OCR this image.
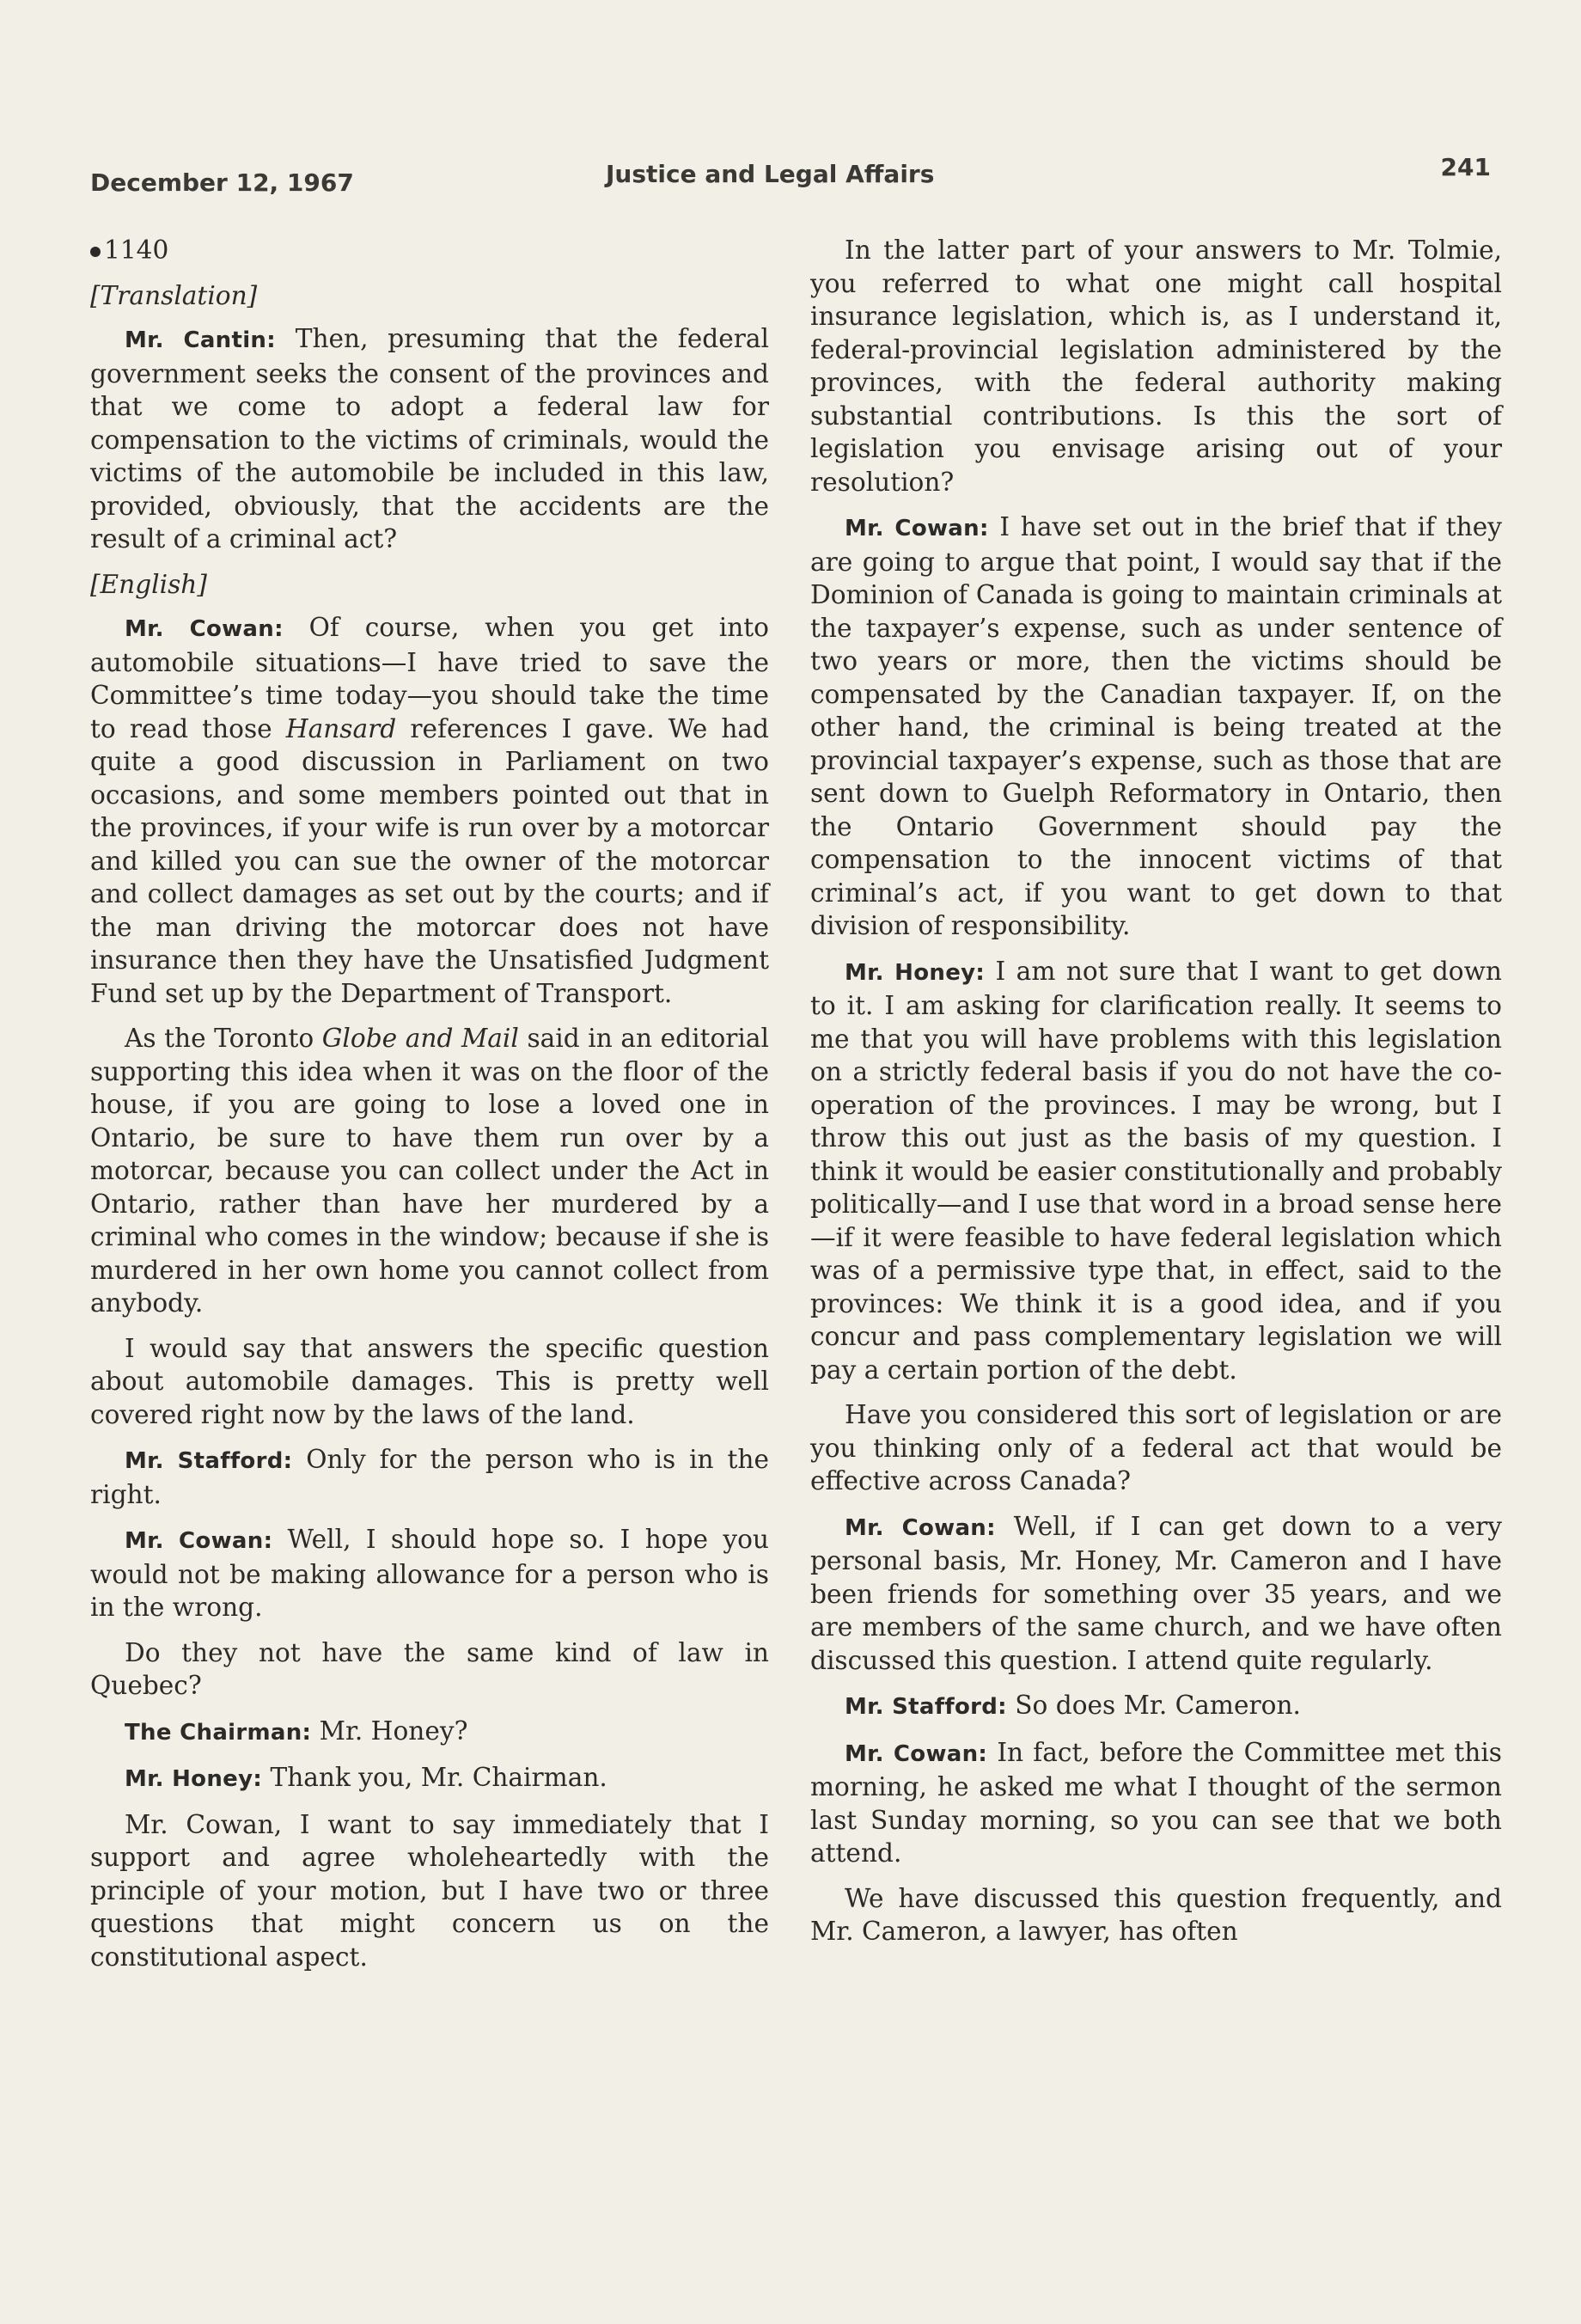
December 12, 1967	Justice and Legal Affairs	241
1140
[Translation]

Mr. Cantin: Then, presuming that the federal government seeks the consent of the provinces and that we come to adopt a federal law for compensation to the victims of criminals, would the victims of the automobile be included in this law, provided, obviously, that the accidents are the result of a criminal act?

[English]

Mr. Cowan: Of course, when you get into automobile situations—I have tried to save the Committee’s time today—you should take the time to read those Hansard references I gave. We had quite a good discussion in Parliament on two occasions, and some members pointed out that in the provinces, if your wife is run over by a motorcar and killed you can sue the owner of the motorcar and collect damages as set out by the courts; and if the man driving the motorcar does not have insurance then they have the Unsatisfied Judgment Fund set up by the Department of Transport.

As the Toronto Globe and Mail said in an editorial supporting this idea when it was on the floor of the house, if you are going to lose a loved one in Ontario, be sure to have them run over by a motorcar, because you can collect under the Act in Ontario, rather than have her murdered by a criminal who comes in the window; because if she is murdered in her own home you cannot collect from anybody.

I would say that answers the specific question about automobile damages. This is pretty well covered right now by the laws of the land.

Mr. Stafford: Only for the person who is in the right.

Mr. Cowan: Well, I should hope so. I hope you would not be making allowance for a person who is in the wrong.

Do they not have the same kind of law in Quebec?

The Chairman: Mr. Honey?

Mr. Honey: Thank you, Mr. Chairman.

Mr. Cowan, I want to say immediately that I support and agree wholeheartedly with the principle of your motion, but I have two or three questions that might concern us on the constitutional aspect.

In the latter part of your answers to Mr. Tolmie, you referred to what one might call hospital insurance legislation, which is, as I understand it, federal-provincial legislation administered by the provinces, with the federal authority making substantial contributions. Is this the sort of legislation you envisage arising out of your resolution?

Mr. Cowan: I have set out in the brief that if they are going to argue that point, I would say that if the Dominion of Canada is going to maintain criminals at the taxpayer’s expense, such as under sentence of two years or more, then the victims should be compensated by the Canadian taxpayer. If, on the other hand, the criminal is being treated at the provincial taxpayer’s expense, such as those that are sent down to Guelph Reformatory in Ontario, then the Ontario Government should pay the compensation to the innocent victims of that criminal’s act, if you want to get down to that division of responsibility.

Mr. Honey: I am not sure that I want to get down to it. I am asking for clarification really. It seems to me that you will have problems with this legislation on a strictly federal basis if you do not have the co-operation of the provinces. I may be wrong, but I throw this out just as the basis of my question. I think it would be easier constitutionally and probably politically—and I use that word in a broad sense here—if it were feasible to have federal legislation which was of a permissive type that, in effect, said to the provinces: We think it is a good idea, and if you concur and pass complementary legislation we will pay a certain portion of the debt.

Have you considered this sort of legislation or are you thinking only of a federal act that would be effective across Canada?

Mr. Cowan: Well, if I can get down to a very personal basis, Mr. Honey, Mr. Cameron and I have been friends for something over 35 years, and we are members of the same church, and we have often discussed this question. I attend quite regularly.

Mr. Stafford: So does Mr. Cameron.

Mr. Cowan: In fact, before the Committee met this morning, he asked me what I thought of the sermon last Sunday morning, so you can see that we both attend.

We have discussed this question frequently, and Mr. Cameron, a lawyer, has often
